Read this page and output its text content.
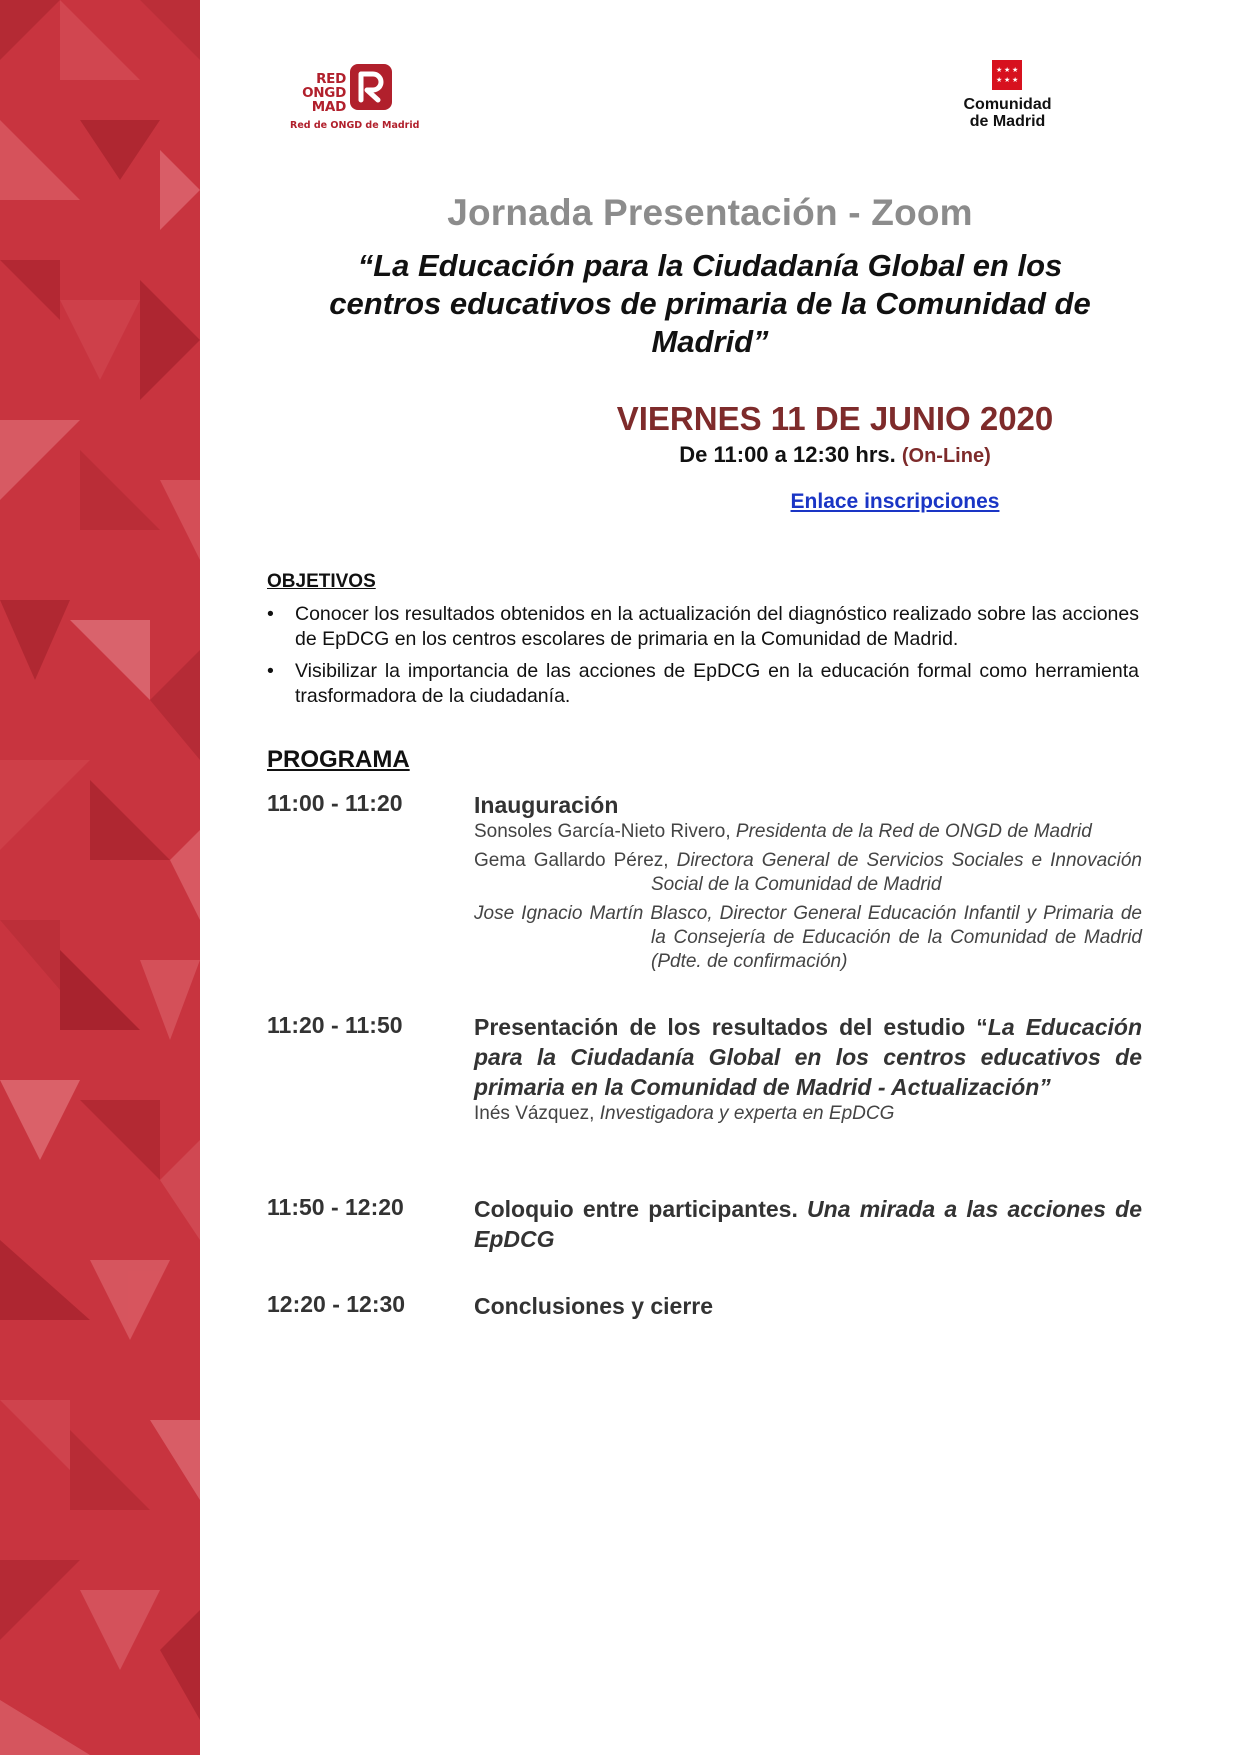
RED
ONGD
MAD
Red de ONGD de Madrid
★ ★ ★
★ ★ ★
Comunidad
de Madrid
Jornada Presentación - Zoom
“La Educación para la Ciudadanía Global en los
centros educativos de primaria de la Comunidad de
Madrid”
VIERNES 11 DE JUNIO 2020
De 11:00 a 12:30 hrs. (On-Line)
Enlace inscripciones
OBJETIVOS
• Conocer los resultados obtenidos en la actualización del diagnóstico realizado sobre las acciones de EpDCG en los centros escolares de primaria en la Comunidad de Madrid.
• Visibilizar la importancia de las acciones de EpDCG en la educación formal como herramienta trasformadora de la ciudadanía.
PROGRAMA
11:00 - 11:20	Inauguración
Sonsoles García-Nieto Rivero, Presidenta de la Red de ONGD de Madrid
Gema Gallardo Pérez, Directora General de Servicios Sociales e Innovación Social de la Comunidad de Madrid
Jose Ignacio Martín Blasco, Director General Educación Infantil y Primaria de la Consejería de Educación de la Comunidad de Madrid (Pdte. de confirmación)
11:20 - 11:50	Presentación de los resultados del estudio “La Educación para la Ciudadanía Global en los centros educativos de primaria en la Comunidad de Madrid - Actualización”
Inés Vázquez, Investigadora y experta en EpDCG
11:50 - 12:20	Coloquio entre participantes. Una mirada a las acciones de EpDCG
12:20 - 12:30	Conclusiones y cierre
